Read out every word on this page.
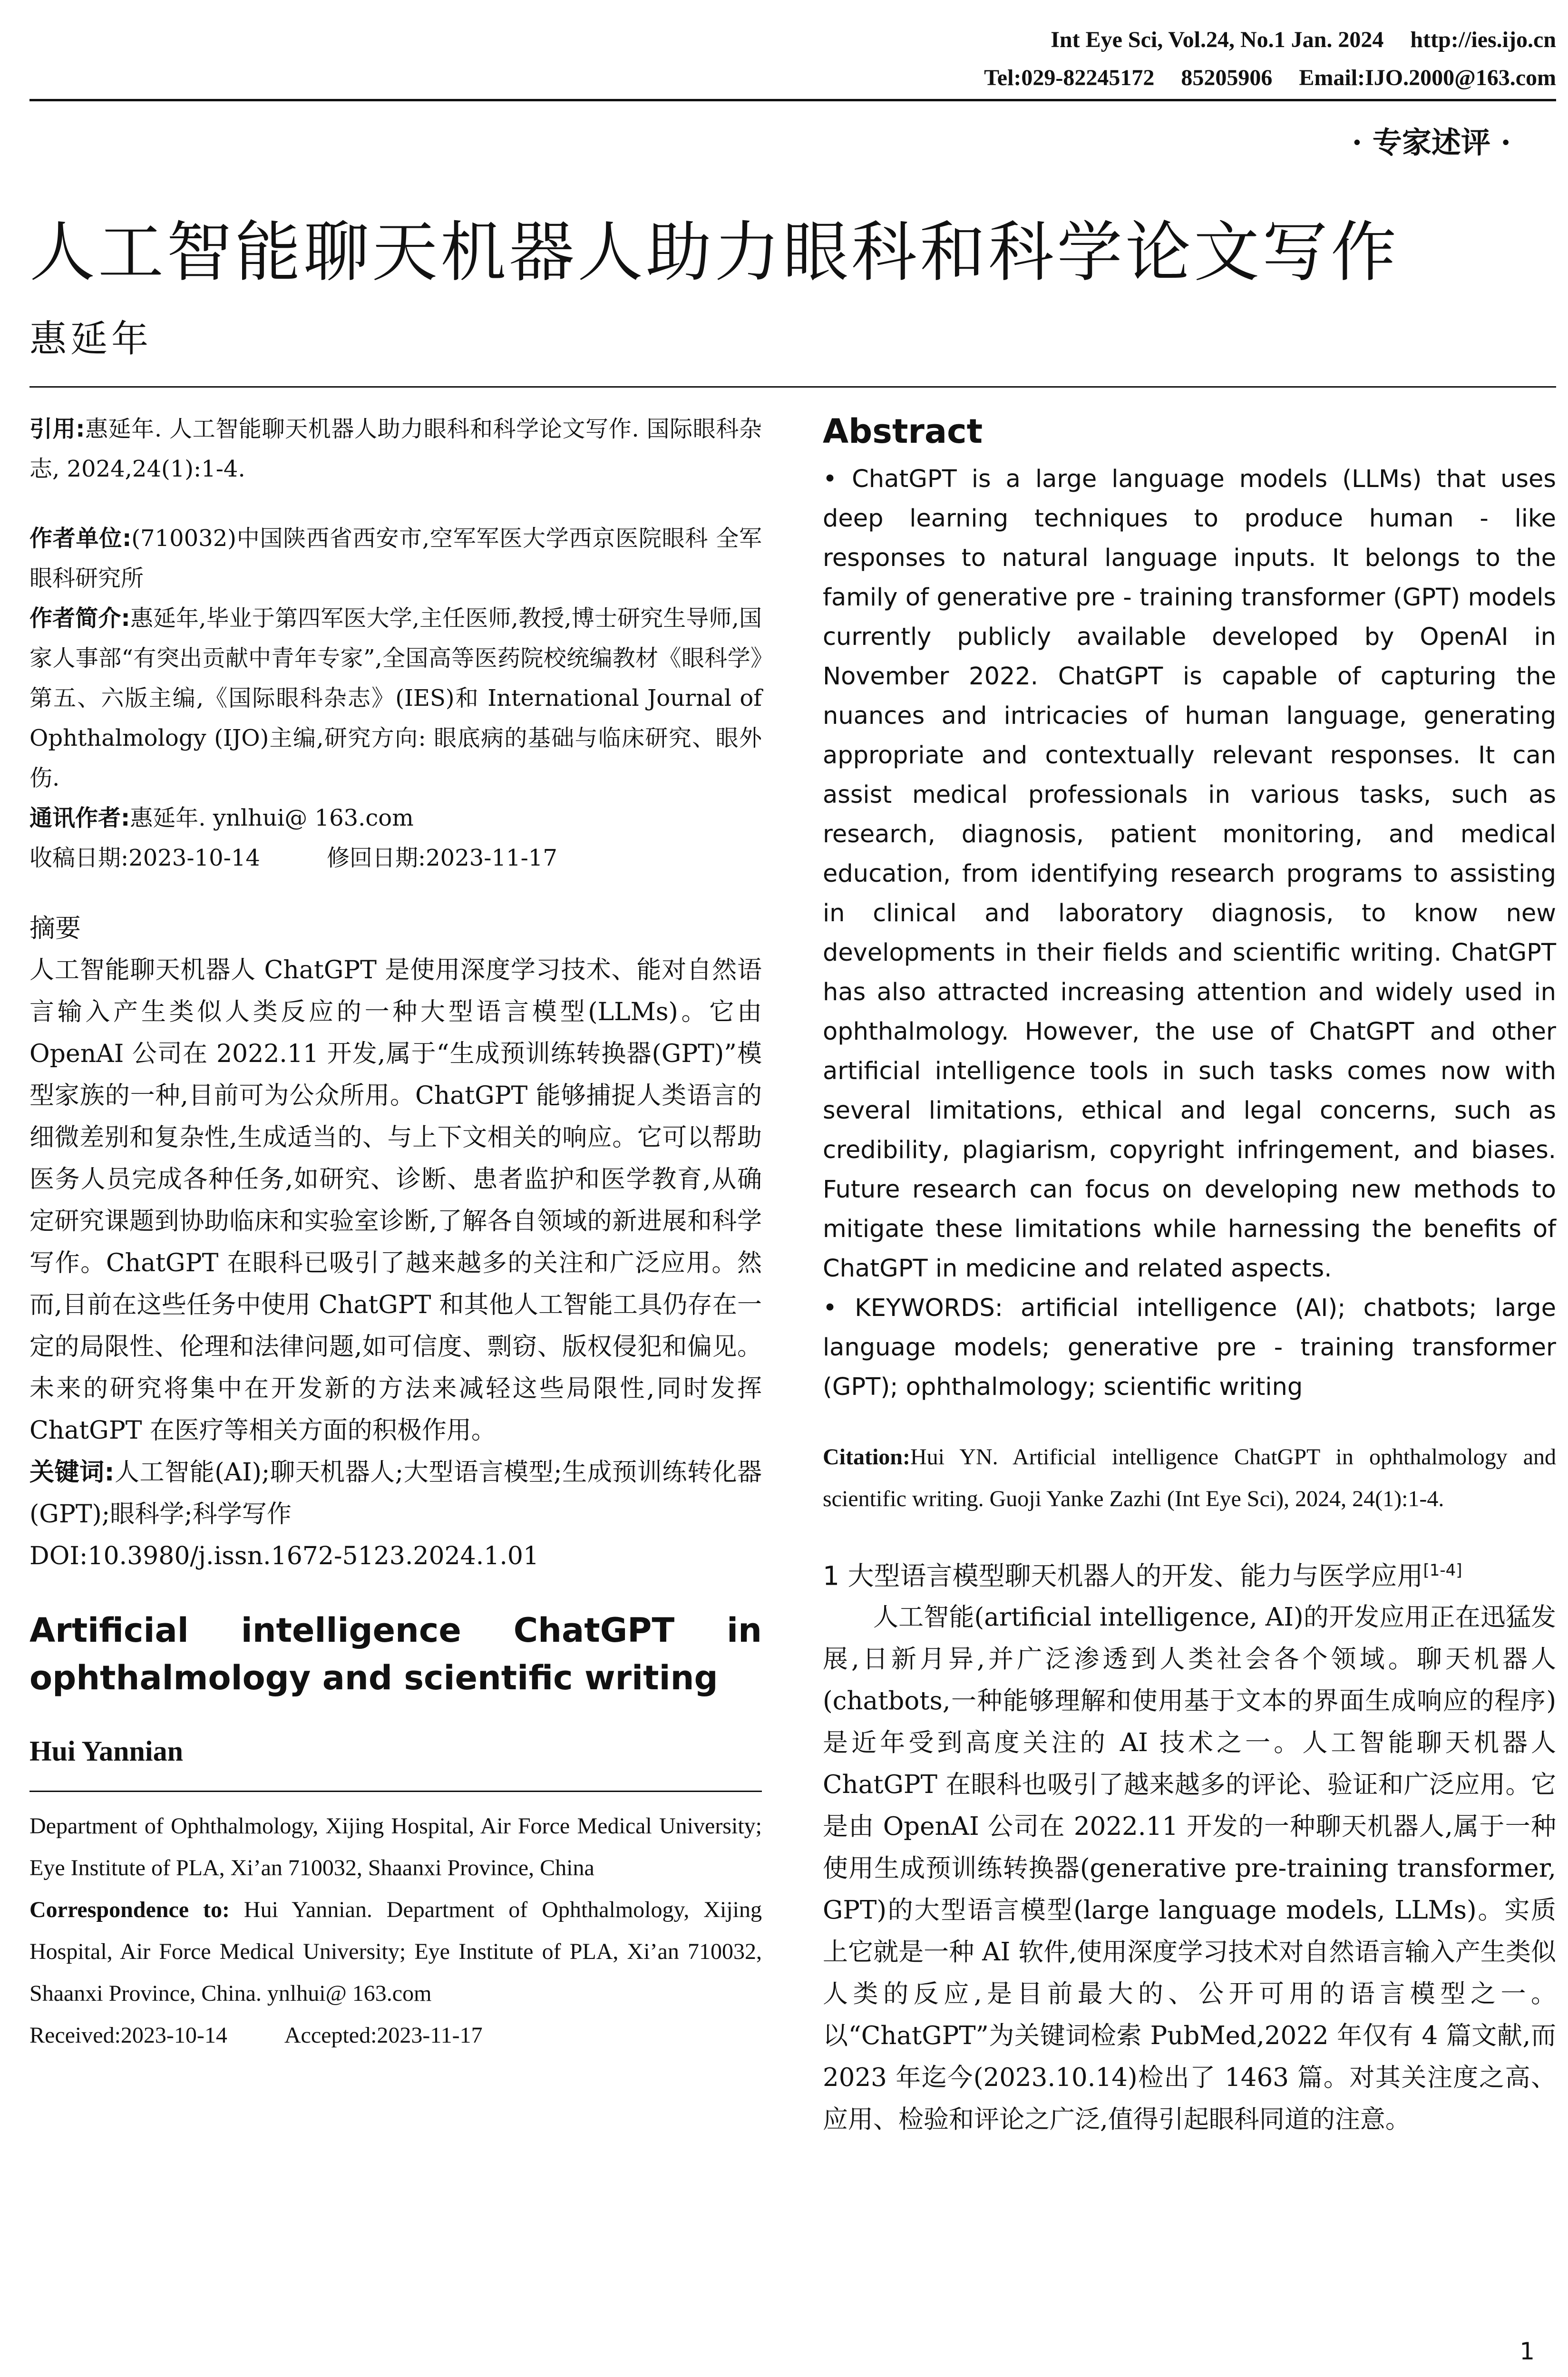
Int Eye Sci, Vol.24, No.1 Jan. 2024 http://ies.ijo.cn
Tel:029-82245172 85205906 Email:IJO.2000@163.com
· 专家述评 ·
人工智能聊天机器人助力眼科和科学论文写作
惠延年

引用:惠延年. 人工智能聊天机器人助力眼科和科学论文写作. 国际眼科杂志, 2024,24(1):1-4.

作者单位:(710032)中国陕西省西安市,空军军医大学西京医院眼科 全军眼科研究所

作者简介:惠延年,毕业于第四军医大学,主任医师,教授,博士研究生导师,国家人事部“有突出贡献中青年专家”,全国高等医药院校统编教材《眼科学》第五、六版主编,《国际眼科杂志》(IES)和 International Journal of Ophthalmology (IJO)主编,研究方向: 眼底病的基础与临床研究、眼外伤.

通讯作者:惠延年. ynlhui@ 163.com

收稿日期:2023-10-14	修回日期:2023-11-17

摘要

人工智能聊天机器人 ChatGPT 是使用深度学习技术、能对自然语言输入产生类似人类反应的一种大型语言模型(LLMs)。它由 OpenAI 公司在 2022.11 开发,属于“生成预训练转换器(GPT)”模型家族的一种,目前可为公众所用。ChatGPT 能够捕捉人类语言的细微差别和复杂性,生成适当的、与上下文相关的响应。它可以帮助医务人员完成各种任务,如研究、诊断、患者监护和医学教育,从确定研究课题到协助临床和实验室诊断,了解各自领域的新进展和科学写作。ChatGPT 在眼科已吸引了越来越多的关注和广泛应用。然而,目前在这些任务中使用 ChatGPT 和其他人工智能工具仍存在一定的局限性、伦理和法律问题,如可信度、剽窃、版权侵犯和偏见。未来的研究将集中在开发新的方法来减轻这些局限性,同时发挥 ChatGPT 在医疗等相关方面的积极作用。

关键词:人工智能(AI);聊天机器人;大型语言模型;生成预训练转化器(GPT);眼科学;科学写作

DOI:10.3980/j.issn.1672-5123.2024.1.01

Artificial intelligence ChatGPT in ophthalmology and scientific writing

Hui Yannian

Department of Ophthalmology, Xijing Hospital, Air Force Medical University; Eye Institute of PLA, Xi’an 710032, Shaanxi Province, China

Correspondence to: Hui Yannian. Department of Ophthalmology, Xijing Hospital, Air Force Medical University; Eye Institute of PLA, Xi’an 710032, Shaanxi Province, China. ynlhui@ 163.com

Received:2023-10-14	Accepted:2023-11-17

Abstract

• ChatGPT is a large language models (LLMs) that uses deep learning techniques to produce human - like responses to natural language inputs. It belongs to the family of generative pre - training transformer (GPT) models currently publicly available developed by OpenAI in November 2022. ChatGPT is capable of capturing the nuances and intricacies of human language, generating appropriate and contextually relevant responses. It can assist medical professionals in various tasks, such as research, diagnosis, patient monitoring, and medical education, from identifying research programs to assisting in clinical and laboratory diagnosis, to know new developments in their fields and scientific writing. ChatGPT has also attracted increasing attention and widely used in ophthalmology. However, the use of ChatGPT and other artificial intelligence tools in such tasks comes now with several limitations, ethical and legal concerns, such as credibility, plagiarism, copyright infringement, and biases. Future research can focus on developing new methods to mitigate these limitations while harnessing the benefits of ChatGPT in medicine and related aspects.

• KEYWORDS: artificial intelligence (AI); chatbots; large language models; generative pre - training transformer (GPT); ophthalmology; scientific writing

Citation:Hui YN. Artificial intelligence ChatGPT in ophthalmology and scientific writing. Guoji Yanke Zazhi (Int Eye Sci), 2024, 24(1):1-4.

1 大型语言模型聊天机器人的开发、能力与医学应用[1-4]

人工智能(artificial intelligence, AI)的开发应用正在迅猛发展,日新月异,并广泛渗透到人类社会各个领域。聊天机器人(chatbots,一种能够理解和使用基于文本的界面生成响应的程序)是近年受到高度关注的 AI 技术之一。人工智能聊天机器人 ChatGPT 在眼科也吸引了越来越多的评论、验证和广泛应用。它是由 OpenAI 公司在 2022.11 开发的一种聊天机器人,属于一种使用生成预训练转换器(generative pre-training transformer, GPT)的大型语言模型(large language models, LLMs)。实质上它就是一种 AI 软件,使用深度学习技术对自然语言输入产生类似人类的反应,是目前最大的、公开可用的语言模型之一。以“ChatGPT”为关键词检索 PubMed,2022 年仅有 4 篇文献,而 2023 年迄今(2023.10.14)检出了 1463 篇。对其关注度之高、应用、检验和评论之广泛,值得引起眼科同道的注意。

1
